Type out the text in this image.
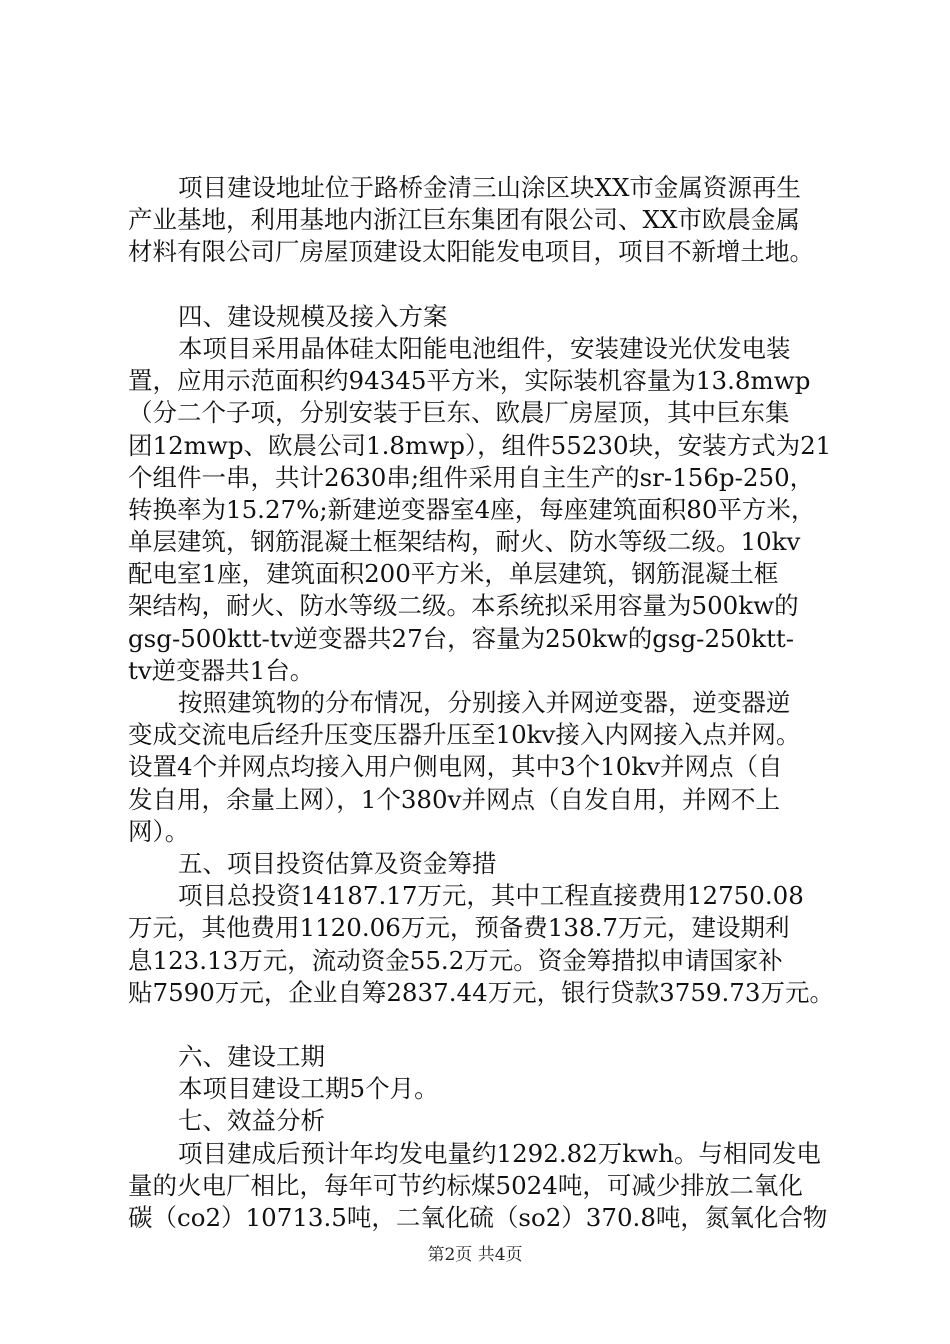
项目建设地址位于路桥金清三山涂区块XX市金属资源再生
产业基地，利用基地内浙江巨东集团有限公司、XX市欧晨金属
材料有限公司厂房屋顶建设太阳能发电项目，项目不新增土地。
四、建设规模及接入方案
本项目采用晶体硅太阳能电池组件，安装建设光伏发电装
置，应用示范面积约94345平方米，实际装机容量为13.8mwp
（分二个子项，分别安装于巨东、欧晨厂房屋顶，其中巨东集
团12mwp、欧晨公司1.8mwp），组件55230块，安装方式为21
个组件一串，共计2630串;组件采用自主生产的sr-156p-250，
转换率为15.27%;新建逆变器室4座，每座建筑面积80平方米，
单层建筑，钢筋混凝土框架结构，耐火、防水等级二级。10kv
配电室1座，建筑面积200平方米，单层建筑，钢筋混凝土框
架结构，耐火、防水等级二级。本系统拟采用容量为500kw的
gsg-500ktt-tv逆变器共27台，容量为250kw的gsg-250ktt-
tv逆变器共1台。
按照建筑物的分布情况，分别接入并网逆变器，逆变器逆
变成交流电后经升压变压器升压至10kv接入内网接入点并网。
设置4个并网点均接入用户侧电网，其中3个10kv并网点（自
发自用，余量上网），1个380v并网点（自发自用，并网不上
网）。
五、项目投资估算及资金筹措
项目总投资14187.17万元，其中工程直接费用12750.08
万元，其他费用1120.06万元，预备费138.7万元，建设期利
息123.13万元，流动资金55.2万元。资金筹措拟申请国家补
贴7590万元，企业自筹2837.44万元，银行贷款3759.73万元。
六、建设工期
本项目建设工期5个月。
七、效益分析
项目建成后预计年均发电量约1292.82万kwh。与相同发电
量的火电厂相比，每年可节约标煤5024吨，可减少排放二氧化
碳（co2）10713.5吨，二氧化硫（so2）370.8吨，氮氧化合物
第2页 共4页
